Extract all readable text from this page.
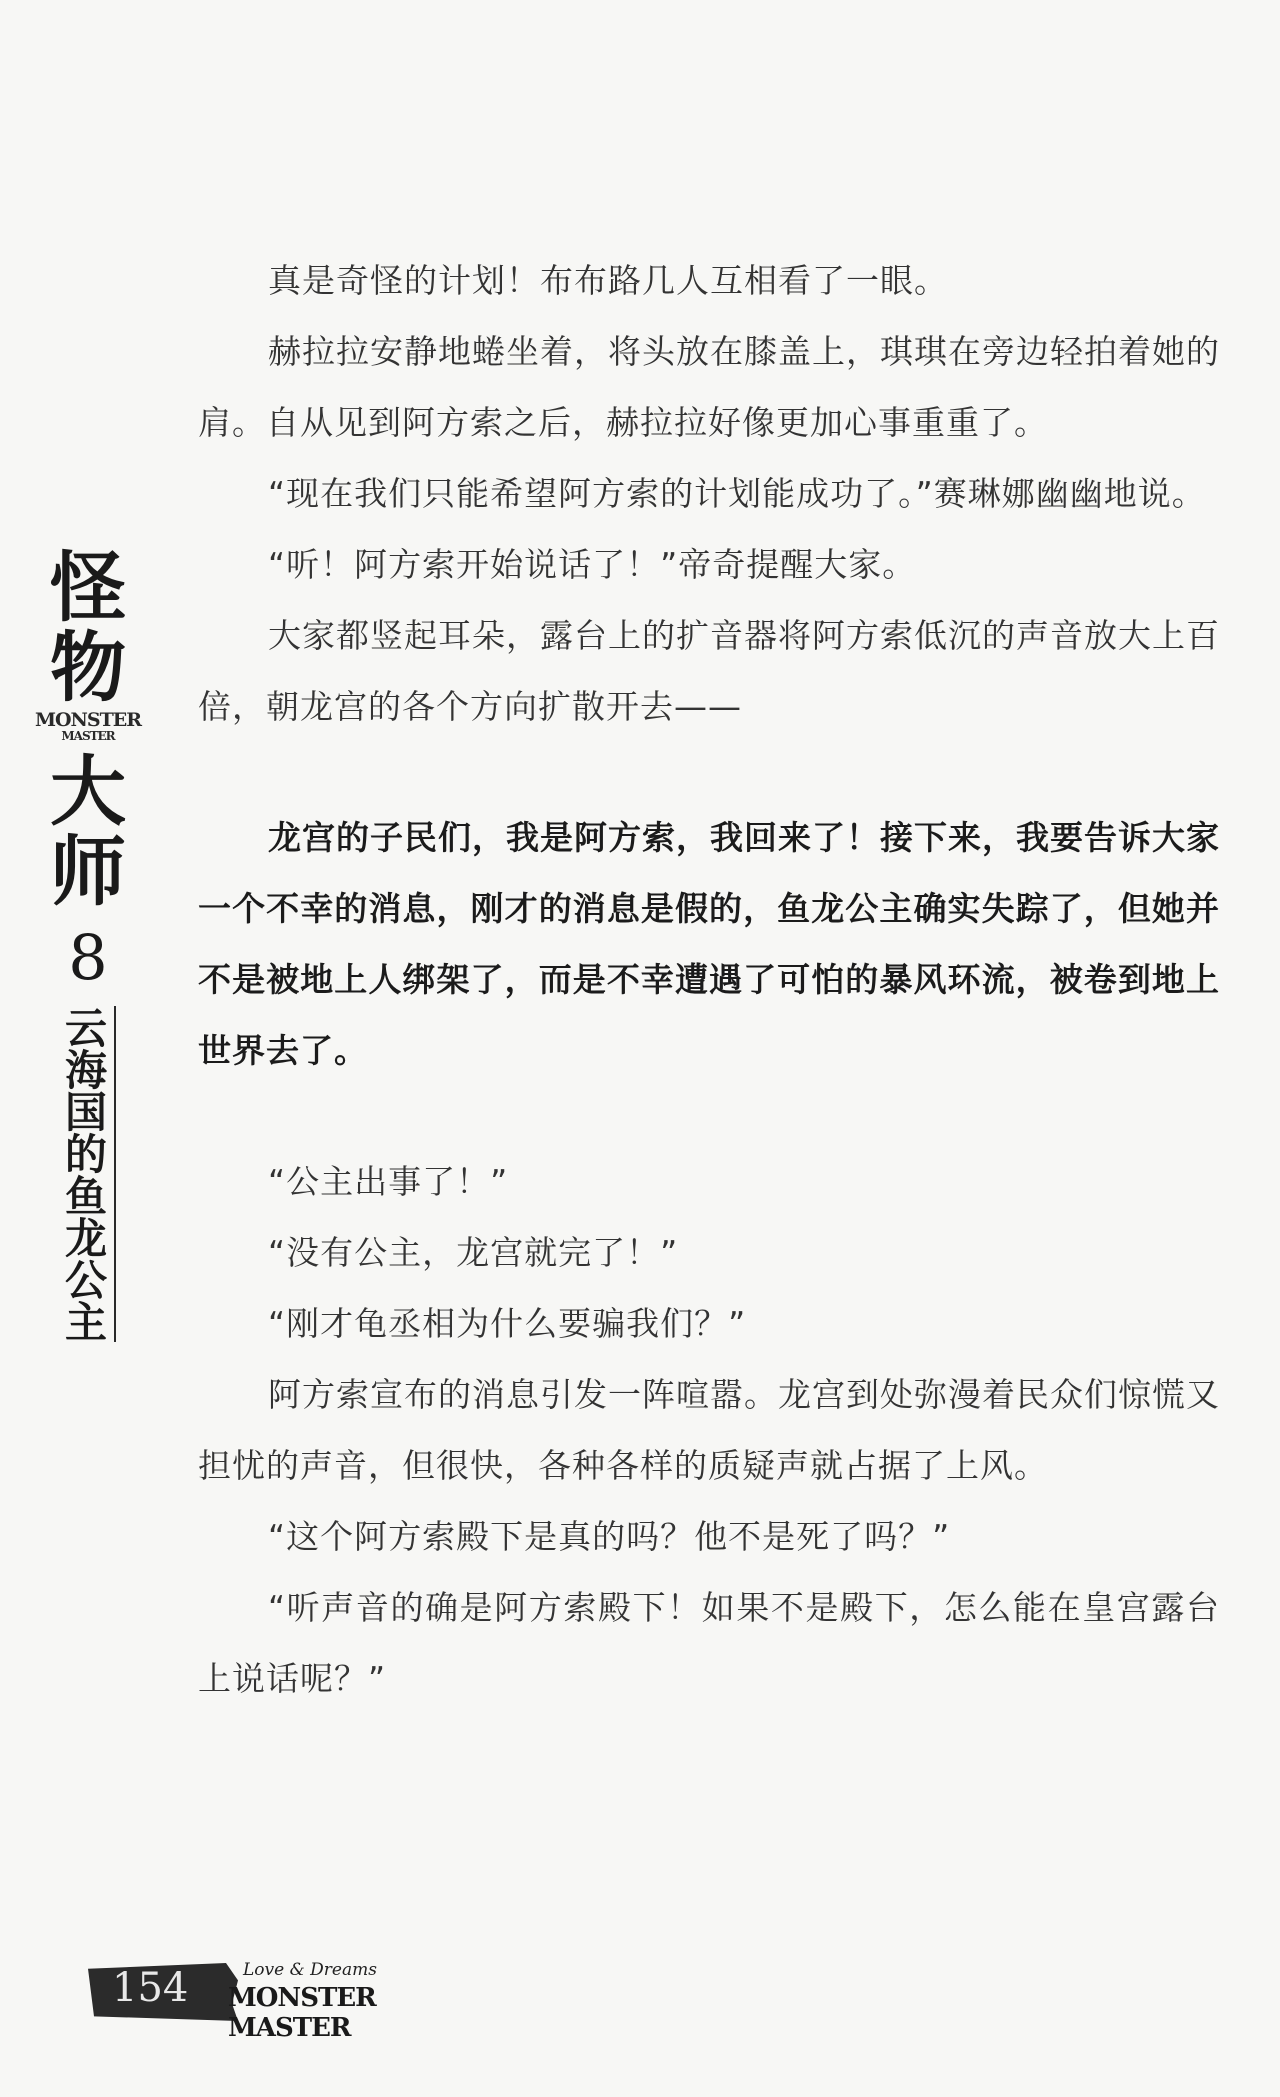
怪
物
MONSTER
MASTER
大
师
8
云海国的鱼龙公主

真是奇怪的计划！布布路几人互相看了一眼。

赫拉拉安静地蜷坐着，将头放在膝盖上，琪琪在旁边轻拍着她的肩。自从见到阿方索之后，赫拉拉好像更加心事重重了。

“现在我们只能希望阿方索的计划能成功了。”赛琳娜幽幽地说。

“听！阿方索开始说话了！”帝奇提醒大家。

大家都竖起耳朵，露台上的扩音器将阿方索低沉的声音放大上百倍，朝龙宫的各个方向扩散开去——

龙宫的子民们，我是阿方索，我回来了！接下来，我要告诉大家一个不幸的消息，刚才的消息是假的，鱼龙公主确实失踪了，但她并不是被地上人绑架了，而是不幸遭遇了可怕的暴风环流，被卷到地上世界去了。

“公主出事了！”

“没有公主，龙宫就完了！”

“刚才龟丞相为什么要骗我们？”

阿方索宣布的消息引发一阵喧嚣。龙宫到处弥漫着民众们惊慌又担忧的声音，但很快，各种各样的质疑声就占据了上风。

“这个阿方索殿下是真的吗？他不是死了吗？”

“听声音的确是阿方索殿下！如果不是殿下，怎么能在皇宫露台上说话呢？”

154	Love & Dreams
MONSTER MASTER
